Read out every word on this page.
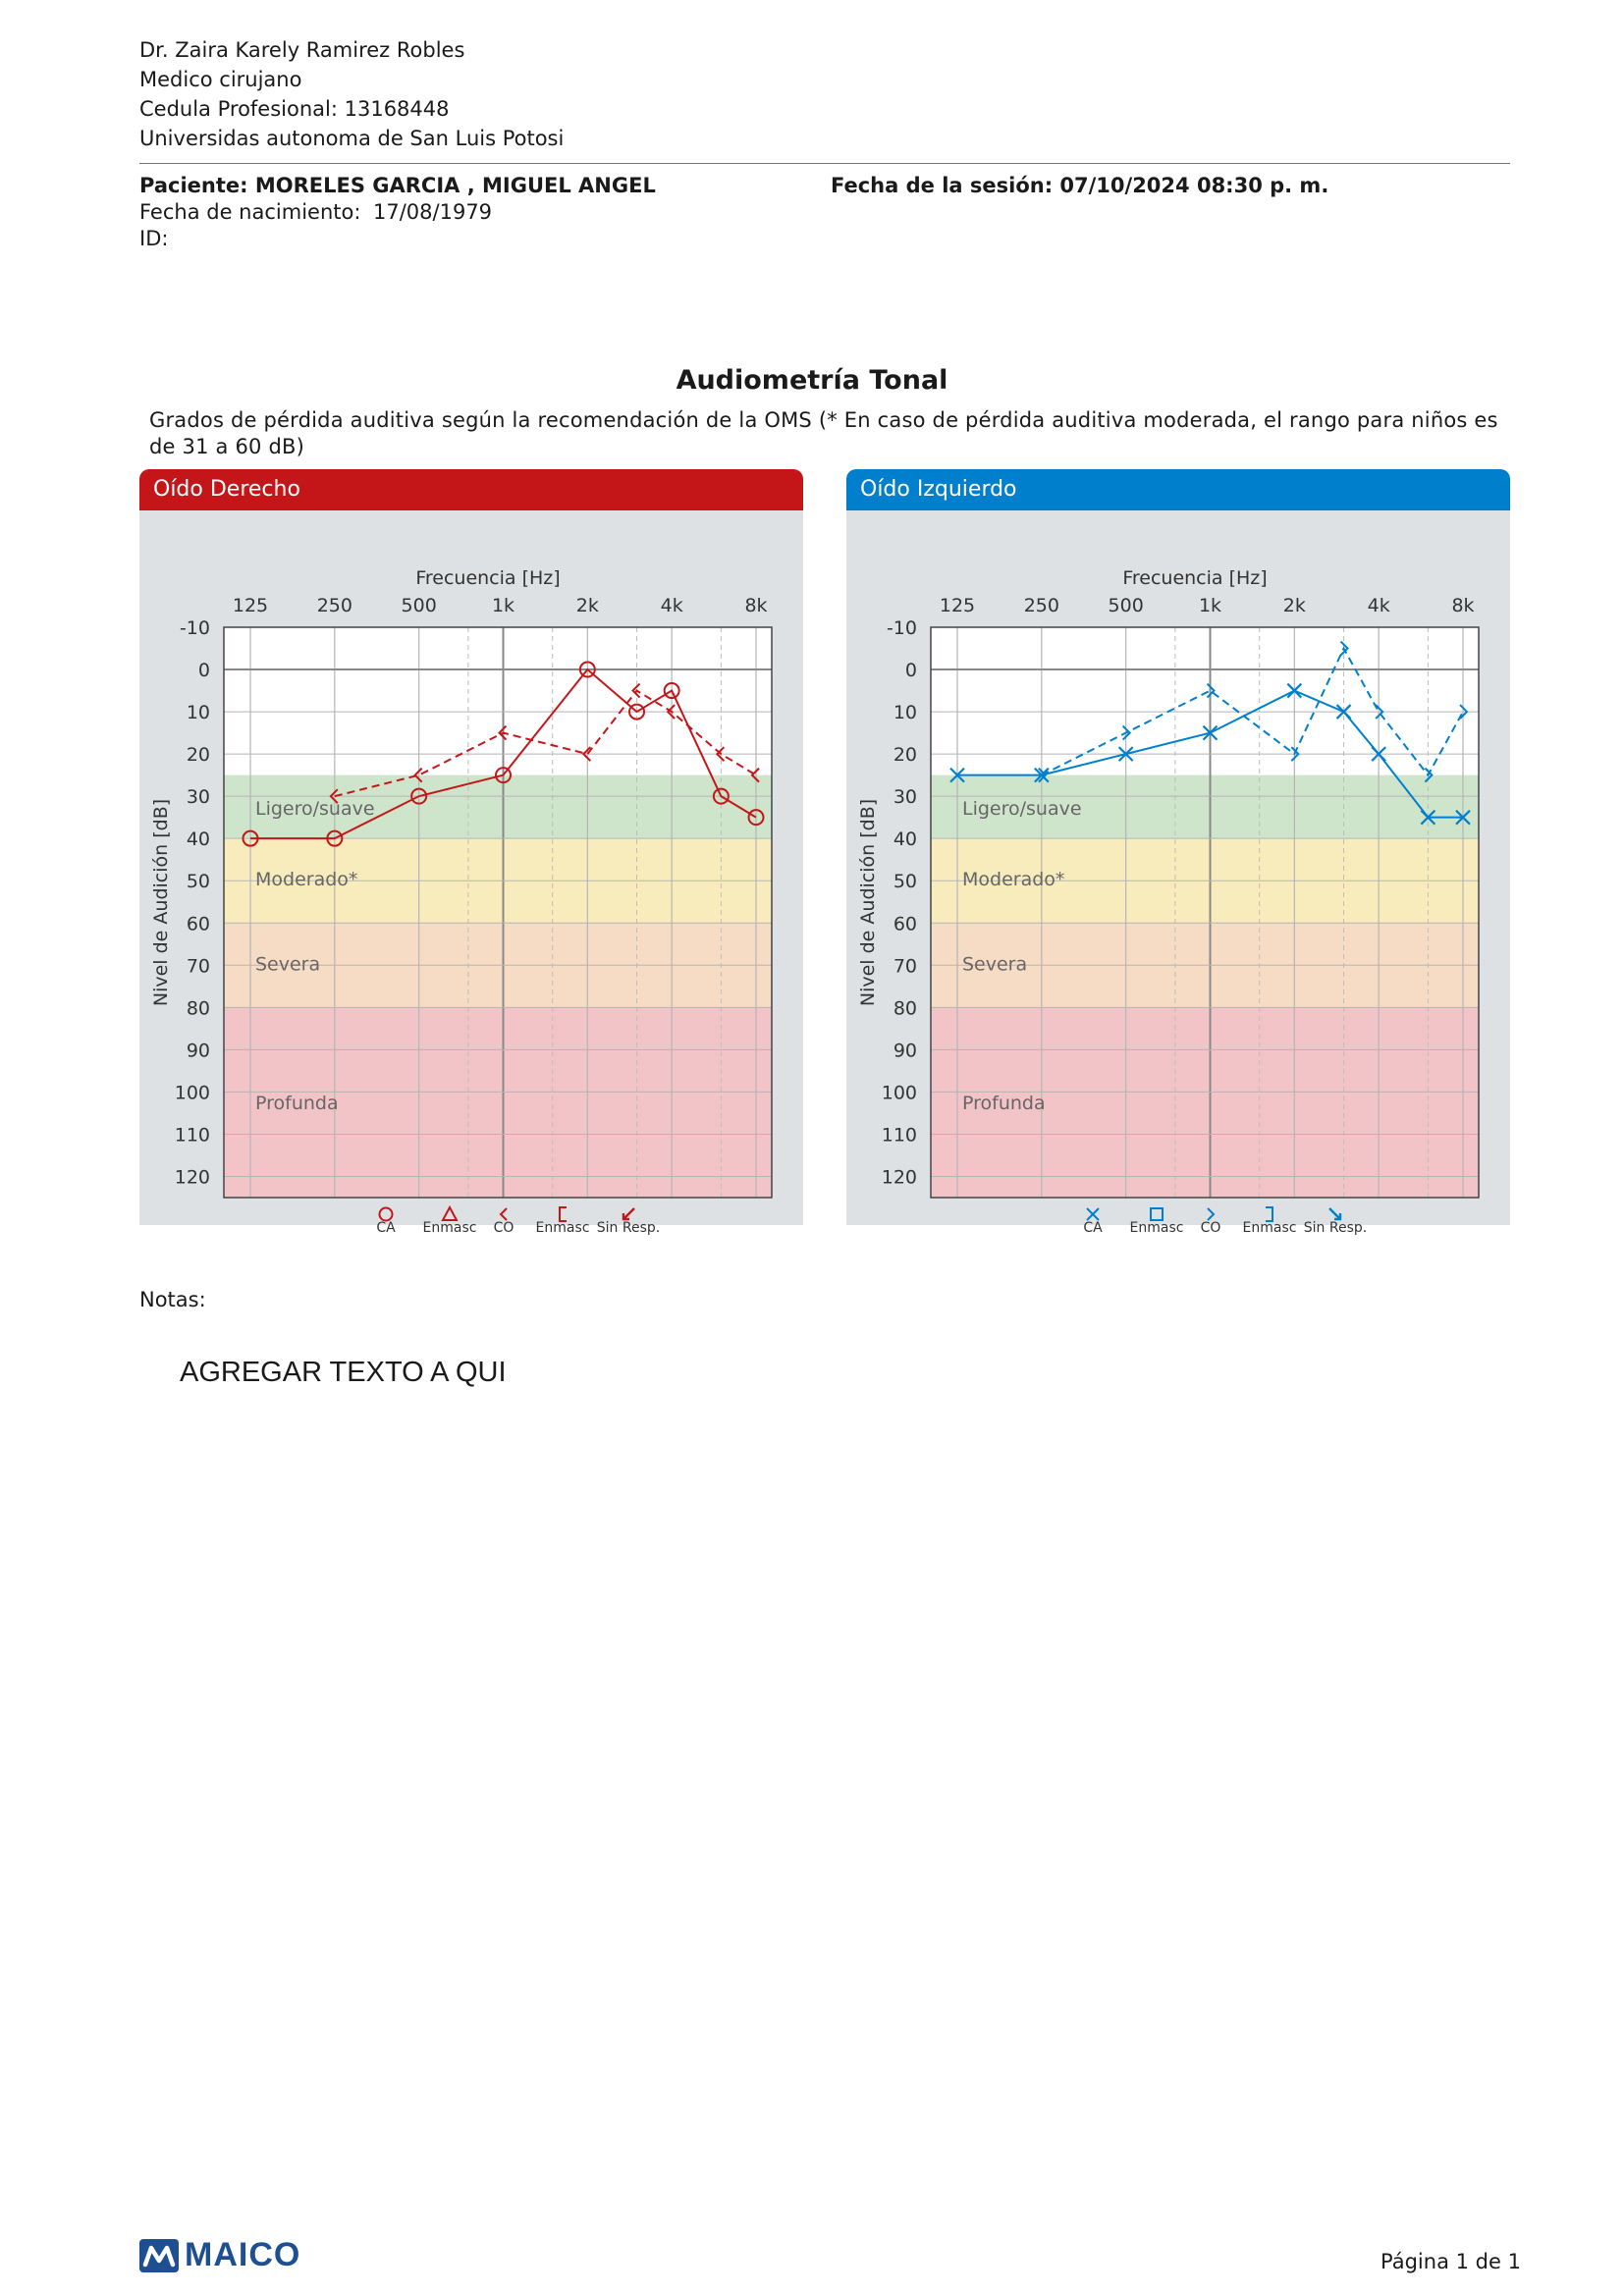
Dr. Zaira Karely Ramirez Robles
Medico cirujano
Cedula Profesional: 13168448
Universidas autonoma de San Luis Potosi
Paciente: MORELES GARCIA , MIGUEL ANGEL	Fecha de la sesión: 07/10/2024 08:30 p. m.
Fecha de nacimiento: 17/08/1979
ID:
Audiometría Tonal
Grados de pérdida auditiva según la recomendación de la OMS (* En caso de pérdida auditiva moderada, el rango para niños es
de 31 a 60 dB)
Oído Derecho
Frecuencia [Hz]
125	250	500	1k	2k	4k	8k
-10
0
10
20
30
40
50
60
70
80
90
100
110
120
Nivel de Audición [dB]	Ligero/suave
Moderado*
Severa
Profunda
CA Enmasc CO Enmasc Sin Resp.
Oído Izquierdo
Frecuencia [Hz]
125	250	500	1k	2k	4k	8k
-10
0
10
20
30
40
50
60
70
80
90
100
110
120
Nivel de Audición [dB]	Ligero/suave
Moderado*
Severa
Profunda
CA Enmasc CO Enmasc Sin Resp.
Notas:
AGREGAR TEXTO A QUI
MAICO	Página 1 de 1
